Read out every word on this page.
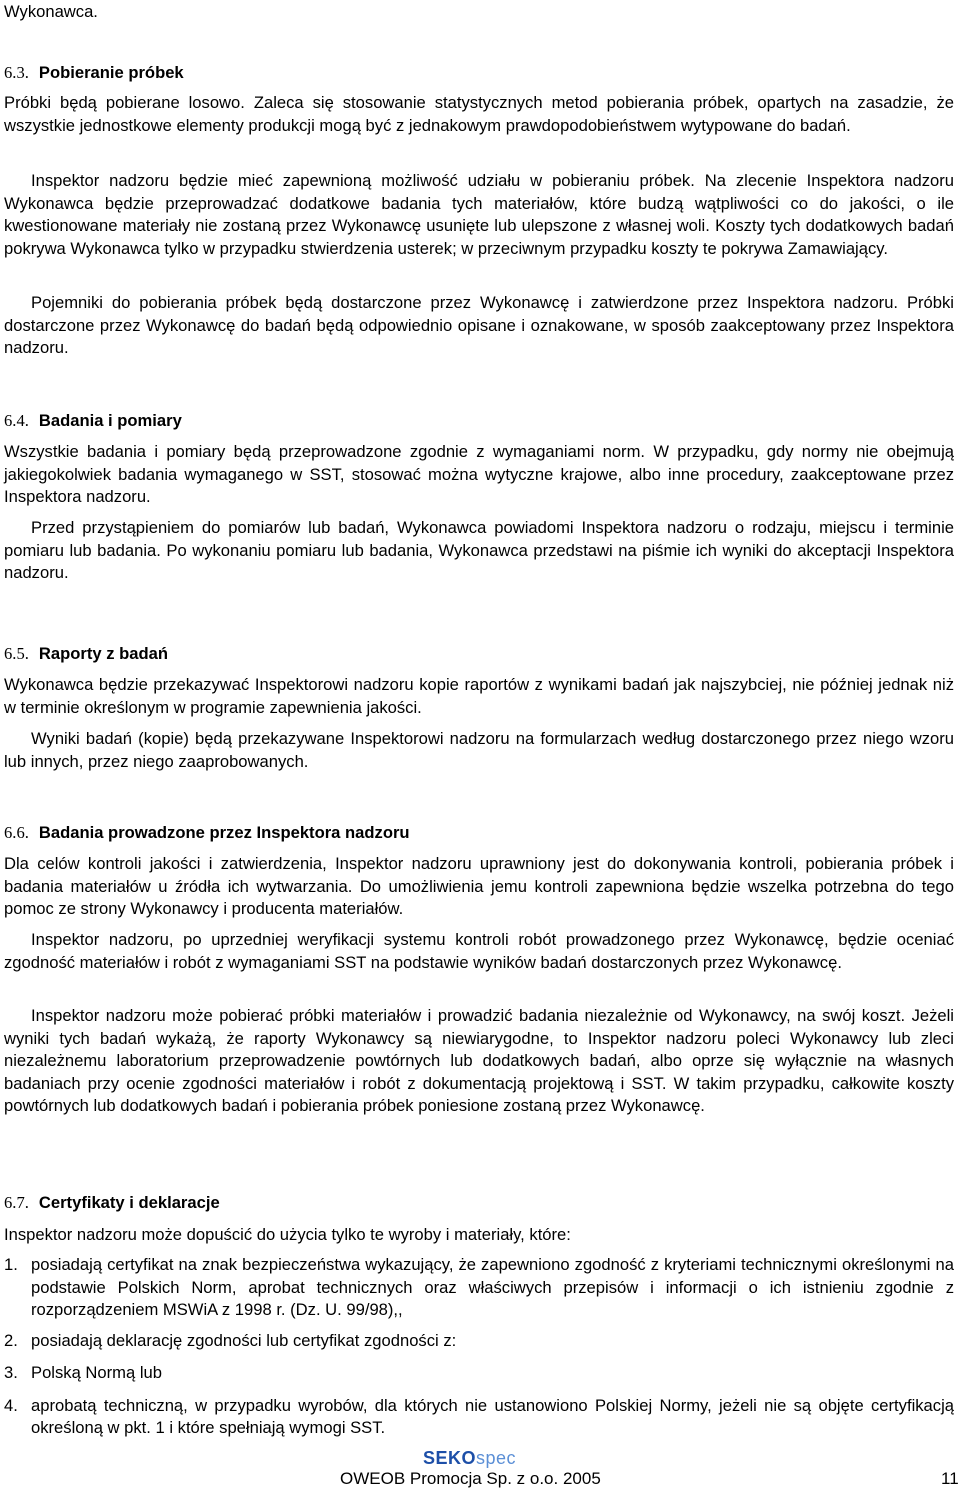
Wykonawca.

6.3. Pobieranie próbek

Próbki będą pobierane losowo. Zaleca się stosowanie statystycznych metod pobierania próbek, opartych na zasadzie, że wszystkie jednostkowe elementy produkcji mogą być z jednakowym prawdopodobieństwem wytypowane do badań.

Inspektor nadzoru będzie mieć zapewnioną możliwość udziału w pobieraniu próbek. Na zlecenie Inspektora nadzoru Wykonawca będzie przeprowadzać dodatkowe badania tych materiałów, które budzą wątpliwości co do jakości, o ile kwestionowane materiały nie zostaną przez Wykonawcę usunięte lub ulepszone z własnej woli. Koszty tych dodatkowych badań pokrywa Wykonawca tylko w przypadku stwierdzenia usterek; w przeciwnym przypadku koszty te pokrywa Zamawiający.

Pojemniki do pobierania próbek będą dostarczone przez Wykonawcę i zatwierdzone przez Inspektora nadzoru. Próbki dostarczone przez Wykonawcę do badań będą odpowiednio opisane i oznakowane, w sposób zaakceptowany przez Inspektora nadzoru.

6.4. Badania i pomiary

Wszystkie badania i pomiary będą przeprowadzone zgodnie z wymaganiami norm. W przypadku, gdy normy nie obejmują jakiegokolwiek badania wymaganego w SST, stosować można wytyczne krajowe, albo inne procedury, zaakceptowane przez Inspektora nadzoru.

Przed przystąpieniem do pomiarów lub badań, Wykonawca powiadomi Inspektora nadzoru o rodzaju, miejscu i terminie pomiaru lub badania. Po wykonaniu pomiaru lub badania, Wykonawca przedstawi na piśmie ich wyniki do akceptacji Inspektora nadzoru.

6.5. Raporty z badań

Wykonawca będzie przekazywać Inspektorowi nadzoru kopie raportów z wynikami badań jak najszybciej, nie później jednak niż w terminie określonym w programie zapewnienia jakości.

Wyniki badań (kopie) będą przekazywane Inspektorowi nadzoru na formularzach według dostarczonego przez niego wzoru lub innych, przez niego zaaprobowanych.

6.6. Badania prowadzone przez Inspektora nadzoru

Dla celów kontroli jakości i zatwierdzenia, Inspektor nadzoru uprawniony jest do dokonywania kontroli, pobierania próbek i badania materiałów u źródła ich wytwarzania. Do umożliwienia jemu kontroli zapewniona będzie wszelka potrzebna do tego pomoc ze strony Wykonawcy i producenta materiałów.

Inspektor nadzoru, po uprzedniej weryfikacji systemu kontroli robót prowadzonego przez Wykonawcę, będzie oceniać zgodność materiałów i robót z wymaganiami SST na podstawie wyników badań dostarczonych przez Wykonawcę.

Inspektor nadzoru może pobierać próbki materiałów i prowadzić badania niezależnie od Wykonawcy, na swój koszt. Jeżeli wyniki tych badań wykażą, że raporty Wykonawcy są niewiarygodne, to Inspektor nadzoru poleci Wykonawcy lub zleci niezależnemu laboratorium przeprowadzenie powtórnych lub dodatkowych badań, albo oprze się wyłącznie na własnych badaniach przy ocenie zgodności materiałów i robót z dokumentacją projektową i SST. W takim przypadku, całkowite koszty powtórnych lub dodatkowych badań i pobierania próbek poniesione zostaną przez Wykonawcę.

6.7. Certyfikaty i deklaracje

Inspektor nadzoru może dopuścić do użycia tylko te wyroby i materiały, które:

1. posiadają certyfikat na znak bezpieczeństwa wykazujący, że zapewniono zgodność z kryteriami technicznymi określonymi na podstawie Polskich Norm, aprobat technicznych oraz właściwych przepisów i informacji o ich istnieniu zgodnie z rozporządzeniem MSWiA z 1998 r. (Dz. U. 99/98),,
2. posiadają deklarację zgodności lub certyfikat zgodności z:
3. Polską Normą lub
4. aprobatą techniczną, w przypadku wyrobów, dla których nie ustanowiono Polskiej Normy, jeżeli nie są objęte certyfikacją określoną w pkt. 1 i które spełniają wymogi SST.
SEKOspec
OWEOB Promocja Sp. z o.o. 2005	11
